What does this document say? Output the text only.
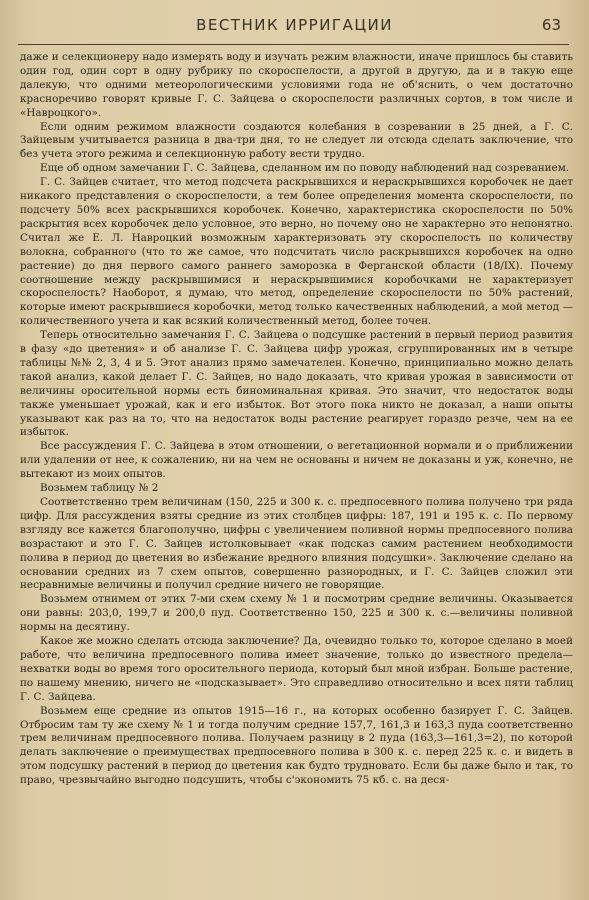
ВЕСТНИК ИРРИГАЦИИ	63

даже и селекционеру надо измерять воду и изучать режим влажности, иначе пришлось бы ставить один год, один сорт в одну рубрику по скороспелости, а другой в другую, да и в такую еще далекую, что одними метеорологическими условиями года не об'яснить, о чем достаточно красноречиво говорят кривые Г. С. Зайцева о скороспелости различных сортов, в том числе и «Навроцкого».

Если одним режимом влажности создаются колебания в созревании в 25 дней, а Г. С. Зайцевым учитывается разница в два-три дня, то не следует ли отсюда сделать заключение, что без учета этого режима и селекционную работу вести трудно.

Еще об одном замечании Г. С. Зайцева, сделанном им по поводу наблюдений над созреванием.

Г. С. Зайцев считает, что метод подсчета раскрывшихся и нераскрывшихся коробочек не дает никакого представления о скороспелости, а тем более определения момента скороспелости, по подсчету 50% всех раскрывшихся коробочек. Конечно, характеристика скороспелости по 50% раскрытия всех коробочек дело условное, это верно, но почему оно не характерно это непонятно. Считал же Е. Л. Навроцкий возможным характеризовать эту скороспелость по количеству волокна, собранного (что то же самое, что подсчитать число раскрывшихся коробочек на одно растение) до дня первого самого раннего заморозка в Ферганской области (18/IX). Почему соотношение между раскрывшимися и нераскрывшимися коробочками не характеризует скороспелость? Наоборот, я думаю, что метод, определение скороспелости по 50% растений, которые имеют раскрывшиеся коробочки, метод только качественных наблюдений, а мой метод — количественного учета и как всякий количественный метод, более точен.

Теперь относительно замечания Г. С. Зайцева о подсушке растений в первый период развития в фазу «до цветения» и об анализе Г. С. Зайцева цифр урожая, сгруппированных им в четыре таблицы №№ 2, 3, 4 и 5. Этот анализ прямо замечателен. Конечно, принципиально можно делать такой анализ, какой делает Г. С. Зайцев, но надо доказать, что кривая урожая в зависимости от величины оросительной нормы есть биноминальная кривая. Это значит, что недостаток воды также уменьшает урожай, как и его избыток. Вот этого пока никто не доказал, а наши опыты указывают как раз на то, что на недостаток воды растение реагирует гораздо резче, чем на ее избыток.

Все рассуждения Г. С. Зайцева в этом отношении, о вегетационной нормали и о приближении или удалении от нее, к сожалению, ни на чем не основаны и ничем не доказаны и уж, конечно, не вытекают из моих опытов.

Возьмем таблицу № 2

Соответственно трем величинам (150, 225 и 300 к. с. предпосевного полива получено три ряда цифр. Для рассуждения взяты средние из этих столбцев цифры: 187, 191 и 195 к. с. По первому взгляду все кажется благополучно, цифры с увеличением поливной нормы предпосевного полива возрастают и это Г. С. Зайцев истолковывает «как подсказ самим растением необходимости полива в период до цветения во избежание вредного влияния подсушки». Заключение сделано на основании средних из 7 схем опытов, совершенно разнородных, и Г. С. Зайцев сложил эти несравнимые величины и получил средние ничего не говорящие.

Возьмем отнимем от этих 7-ми схем схему № 1 и посмотрим средние величины. Оказывается они равны: 203,0, 199,7 и 200,0 пуд. Соответственно 150, 225 и 300 к. с.—величины поливной нормы на десятину.

Какое же можно сделать отсюда заключение? Да, очевидно только то, которое сделано в моей работе, что величина предпосевного полива имеет значение, только до известного предела—нехватки воды во время того оросительного периода, который был мной избран. Больше растение, по нашему мнению, ничего не «подсказывает». Это справедливо относительно и всех пяти таблиц Г. С. Зайцева.

Возьмем еще средние из опытов 1915—16 г., на которых особенно базирует Г. С. Зайцев. Отбросим там ту же схему № 1 и тогда получим средние 157,7, 161,3 и 163,3 пуда соответственно трем величинам предпосевного полива. Получаем разницу в 2 пуда (163,3—161,3=2), по которой делать заключение о преимуществах предпосевного полива в 300 к. с. перед 225 к. с. и видеть в этом подсушку растений в период до цветения как будто трудновато. Если бы даже было и так, то право, чрезвычайно выгодно подсушить, чтобы с'экономить 75 кб. с. на деся-
